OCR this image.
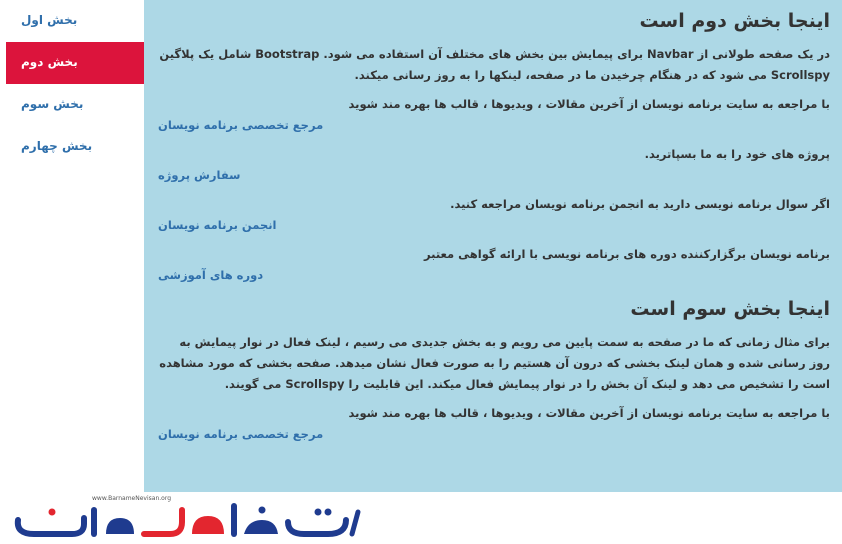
بخش اول
بخش دوم
بخش سوم
بخش چهارم
اینجا بخش دوم است

در یک صفحه طولانی از Navbar برای پیمایش بین بخش های مختلف آن استفاده می شود. Bootstrap شامل یک پلاگین Scrollspy می شود که در هنگام چرخیدن ما در صفحه، لینکها را به روز رسانی میکند.

با مراجعه به سایت برنامه نویسان از آخرین مقالات ، ویدیوها ، قالب ها بهره مند شوید
مرجع تخصصی برنامه نویسان
پروژه های خود را به ما بسپاترید.
سفارش پروژه
اگر سوال برنامه نویسی دارید به انجمن برنامه نویسان مراجعه کنید.
انجمن برنامه نویسان
برنامه نویسان برگزارکننده دوره های برنامه نویسی با ارائه گواهی معتبر
دوره های آموزشی
اینجا بخش سوم است

برای مثال زمانی که ما در صفحه به سمت پایین می رویم و به بخش جدیدی می رسیم ، لینک فعال در نوار پیمایش به روز رسانی شده و همان لینک بخشی که درون آن هستیم را به صورت فعال نشان میدهد. صفحه بخشی که مورد مشاهده است را تشخیص می دهد و لینک آن بخش را در نوار پیمایش فعال میکند. این قابلیت را Scrollspy می گویند.

با مراجعه به سایت برنامه نویسان از آخرین مقالات ، ویدیوها ، قالب ها بهره مند شوید
مرجع تخصصی برنامه نویسان
www.BarnameNevisan.org
